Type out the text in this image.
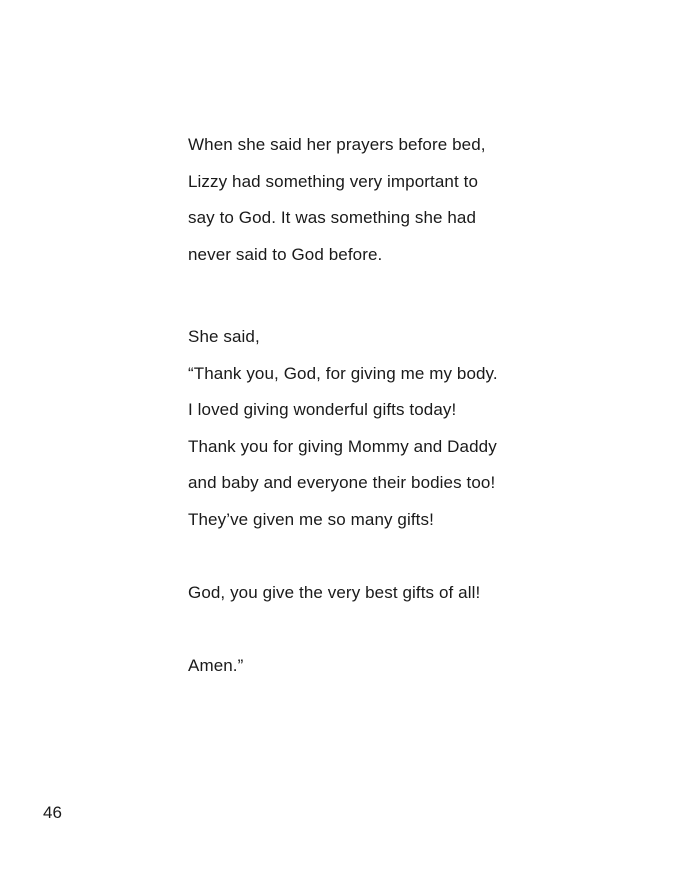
When she said her prayers before bed,
Lizzy had something very important to
say to God. It was something she had
never said to God before.
She said,
“Thank you, God, for giving me my body.
I loved giving wonderful gifts today!
Thank you for giving Mommy and Daddy
and baby and everyone their bodies too!
They’ve given me so many gifts!
God, you give the very best gifts of all!
Amen.”
46
